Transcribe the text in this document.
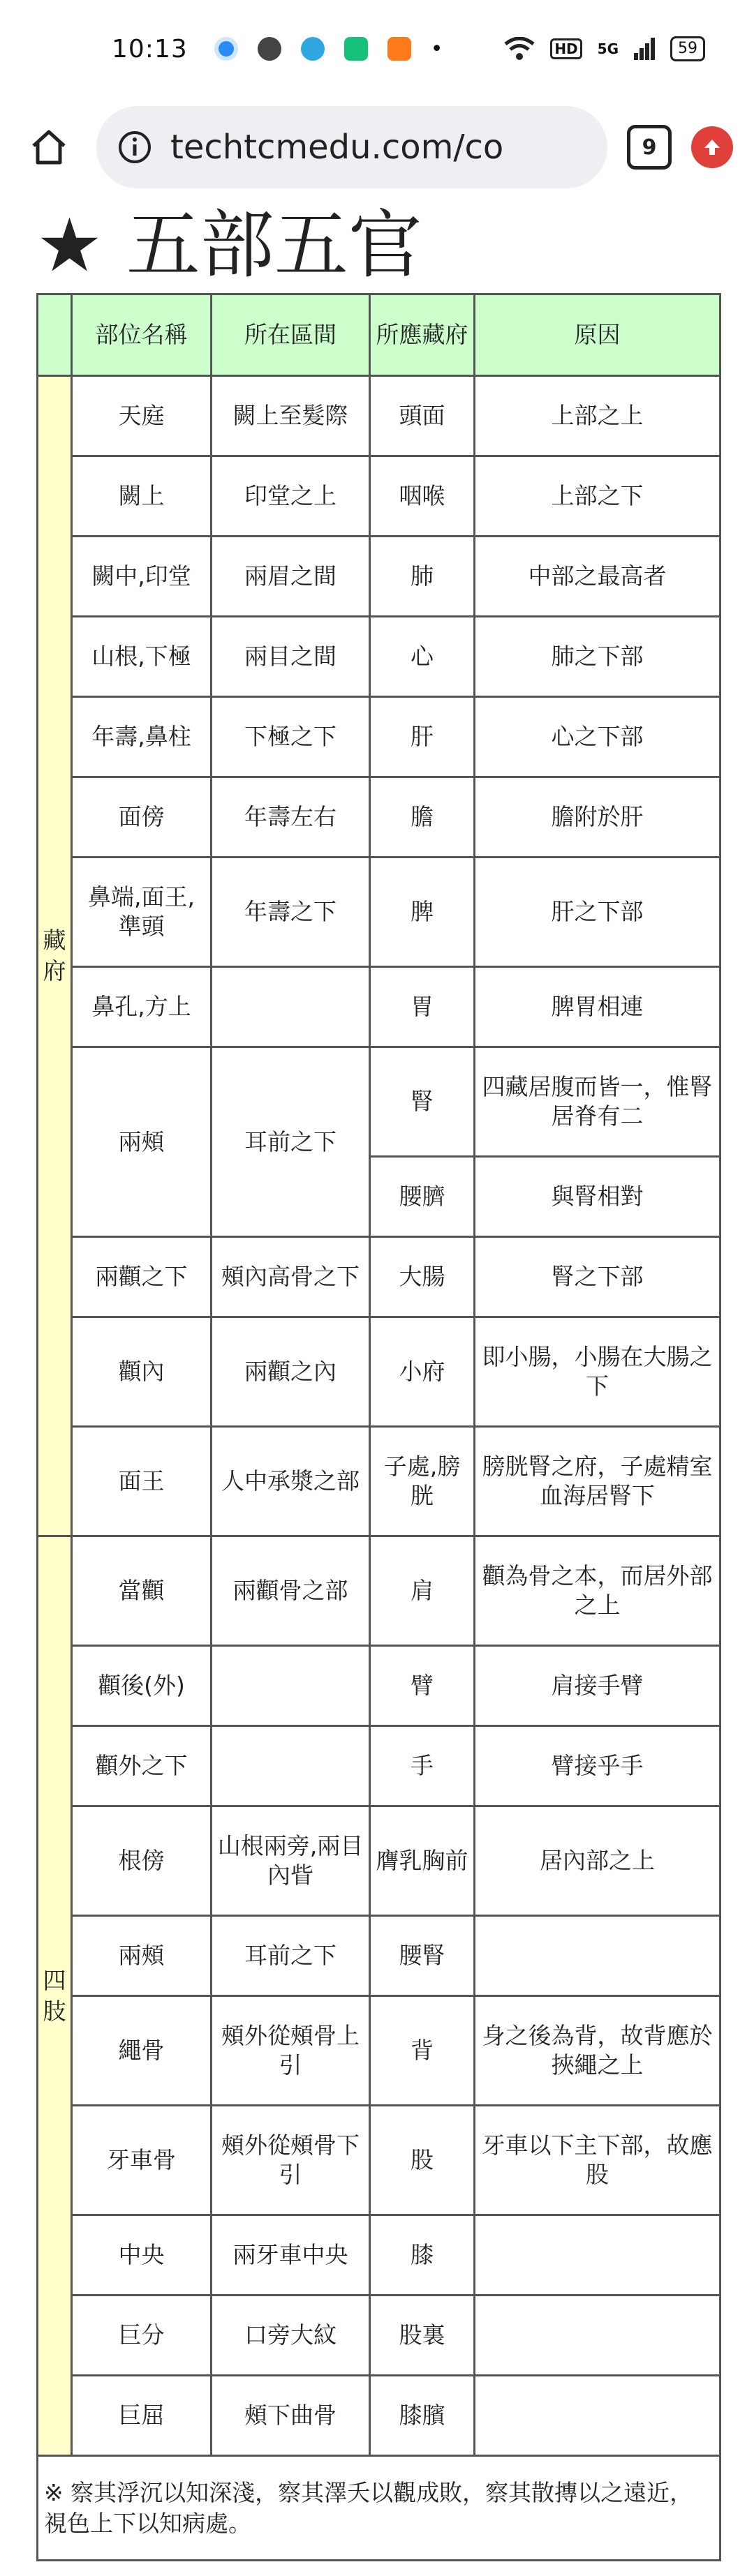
10:13	•	HD	5G	59
techtcmedu.com/co	9
★ 五部五官
	部位名稱	所在區間	所應藏府	原因
藏府	天庭	闕上至髮際	頭面	上部之上
	闕上	印堂之上	咽喉	上部之下
	闕中,印堂	兩眉之間	肺	中部之最高者
	山根,下極	兩目之間	心	肺之下部
	年壽,鼻柱	下極之下	肝	心之下部
	面傍	年壽左右	膽	膽附於肝
	鼻端,面王,準頭	年壽之下	脾	肝之下部
	鼻孔,方上		胃	脾胃相連
	兩頰	耳前之下	腎	四藏居腹而皆一，惟腎居脊有二
			腰臍	與腎相對
	兩顴之下	頰內高骨之下	大腸	腎之下部
	顴內	兩顴之內	小府	即小腸，小腸在大腸之下
	面王	人中承漿之部	子處,膀胱	膀胱腎之府，子處精室血海居腎下
四肢	當顴	兩顴骨之部	肩	顴為骨之本，而居外部之上
	顴後(外)		臂	肩接手臂
	顴外之下		手	臂接乎手
	根傍	山根兩旁,兩目內眥	膺乳胸前	居內部之上
	兩頰	耳前之下	腰腎	
	繩骨	頰外從頰骨上引	背	身之後為背，故背應於挾繩之上
	牙車骨	頰外從頰骨下引	股	牙車以下主下部，故應股
	中央	兩牙車中央	膝	
	巨分	口旁大紋	股裏	
	巨屈	頰下曲骨	膝臏	
※ 察其浮沉以知深淺，察其澤夭以觀成敗，察其散摶以之遠近，視色上下以知病處。				
